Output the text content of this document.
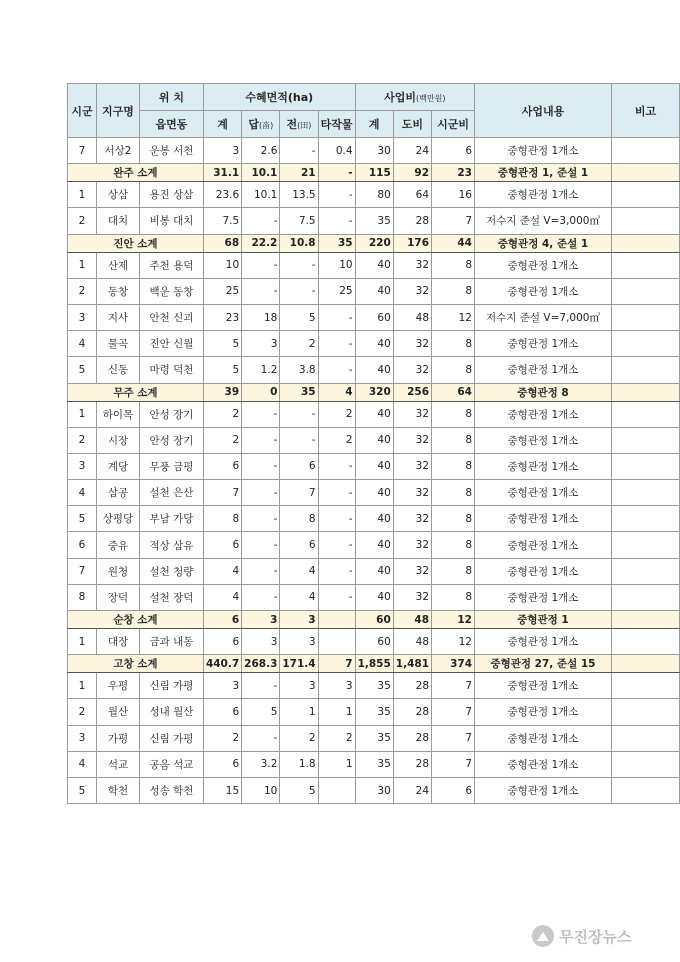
시군	지구명	위 치	수혜면적(ha)				사업비(백만원)			사업내용	비고
		읍면동	계	답(畓)	전(田)	타작물	계	도비	시군비		
7	서상2	운봉 서천	3	2.6	-	0.4	30	24	6	중형관정 1개소	
완주 소계			31.1	10.1	21	-	115	92	23	중형관정 1, 준설 1	
1	상삼	용진 상삼	23.6	10.1	13.5	-	80	64	16	중형관정 1개소	
2	대치	비봉 대치	7.5	-	7.5	-	35	28	7	저수지 준설 V=3,000㎥	
진안 소계			68	22.2	10.8	35	220	176	44	중형관정 4, 준설 1	
1	산제	주천 용덕	10	-	-	10	40	32	8	중형관정 1개소	
2	동창	백운 동창	25	-	-	25	40	32	8	중형관정 1개소	
3	지사	안천 신괴	23	18	5	-	60	48	12	저수지 준설 V=7,000㎥	
4	물곡	진안 신월	5	3	2	-	40	32	8	중형관정 1개소	
5	신동	마령 덕천	5	1.2	3.8	-	40	32	8	중형관정 1개소	
무주 소계			39	0	35	4	320	256	64	중형관정 8	
1	하이목	안성 장기	2	-	-	2	40	32	8	중형관정 1개소	
2	시장	안성 장기	2	-	-	2	40	32	8	중형관정 1개소	
3	계당	무풍 금평	6	-	6	-	40	32	8	중형관정 1개소	
4	삼공	설천 은산	7	-	7	-	40	32	8	중형관정 1개소	
5	상평당	부남 가당	8	-	8	-	40	32	8	중형관정 1개소	
6	중유	적상 삼유	6	-	6	-	40	32	8	중형관정 1개소	
7	원청	설천 청량	4	-	4	-	40	32	8	중형관정 1개소	
8	장덕	설천 장덕	4	-	4	-	40	32	8	중형관정 1개소	
순창 소계			6	3	3		60	48	12	중형관정 1	
1	대장	금과 내동	6	3	3		60	48	12	중형관정 1개소	
고창 소계			440.7	268.3	171.4	7	1,855	1,481	374	중형관정 27, 준설 15	
1	우평	신림 가평	3	-	3	3	35	28	7	중형관정 1개소	
2	월산	성내 월산	6	5	1	1	35	28	7	중형관정 1개소	
3	가평	신림 가평	2	-	2	2	35	28	7	중형관정 1개소	
4	석교	공음 석교	6	3.2	1.8	1	35	28	7	중형관정 1개소	
5	학천	성송 학천	15	10	5		30	24	6	중형관정 1개소	
무진장뉴스
